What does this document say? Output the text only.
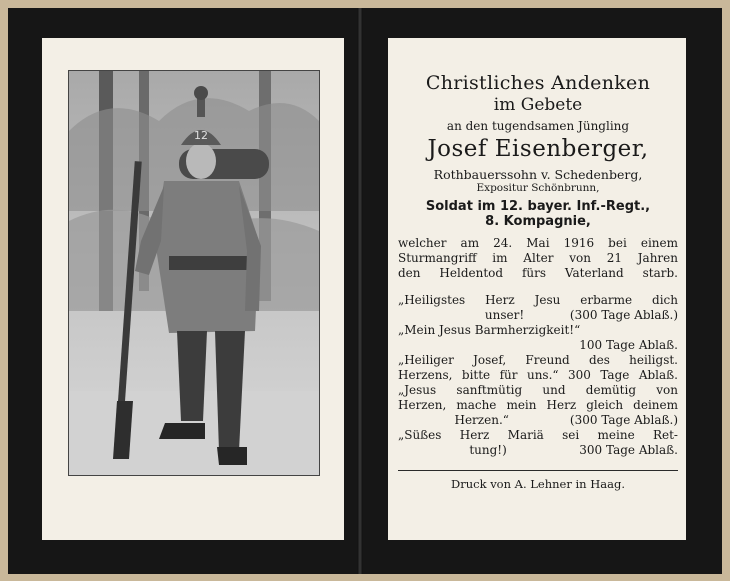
12
Christliches Andenken
im Gebete
an den tugendsamen Jüngling
Josef Eisenberger,
Rothbauerssohn v. Schedenberg,
Expositur Schönbrunn,
Soldat im 12. bayer. Inf.-Regt.,
8. Kompagnie,
welcher am 24. Mai 1916 bei einem
Sturmangriff im Alter von 21 Jahren
den Heldentod fürs Vaterland starb.
„Heiligstes Herz Jesu erbarme dich
unser!            (300 Tage Ablaß.)
„Mein Jesus Barmherzigkeit!“
100 Tage Ablaß.
„Heiliger Josef, Freund des heiligst.
Herzens, bitte für uns.“ 300 Tage Ablaß.
„Jesus sanftmütig und demütig von
Herzen, mache mein Herz gleich deinem
Herzen.“                (300 Tage Ablaß.)
„Süßes Herz Mariä sei meine Ret-
tung!)                   300 Tage Ablaß.
Druck von A. Lehner in Haag.
